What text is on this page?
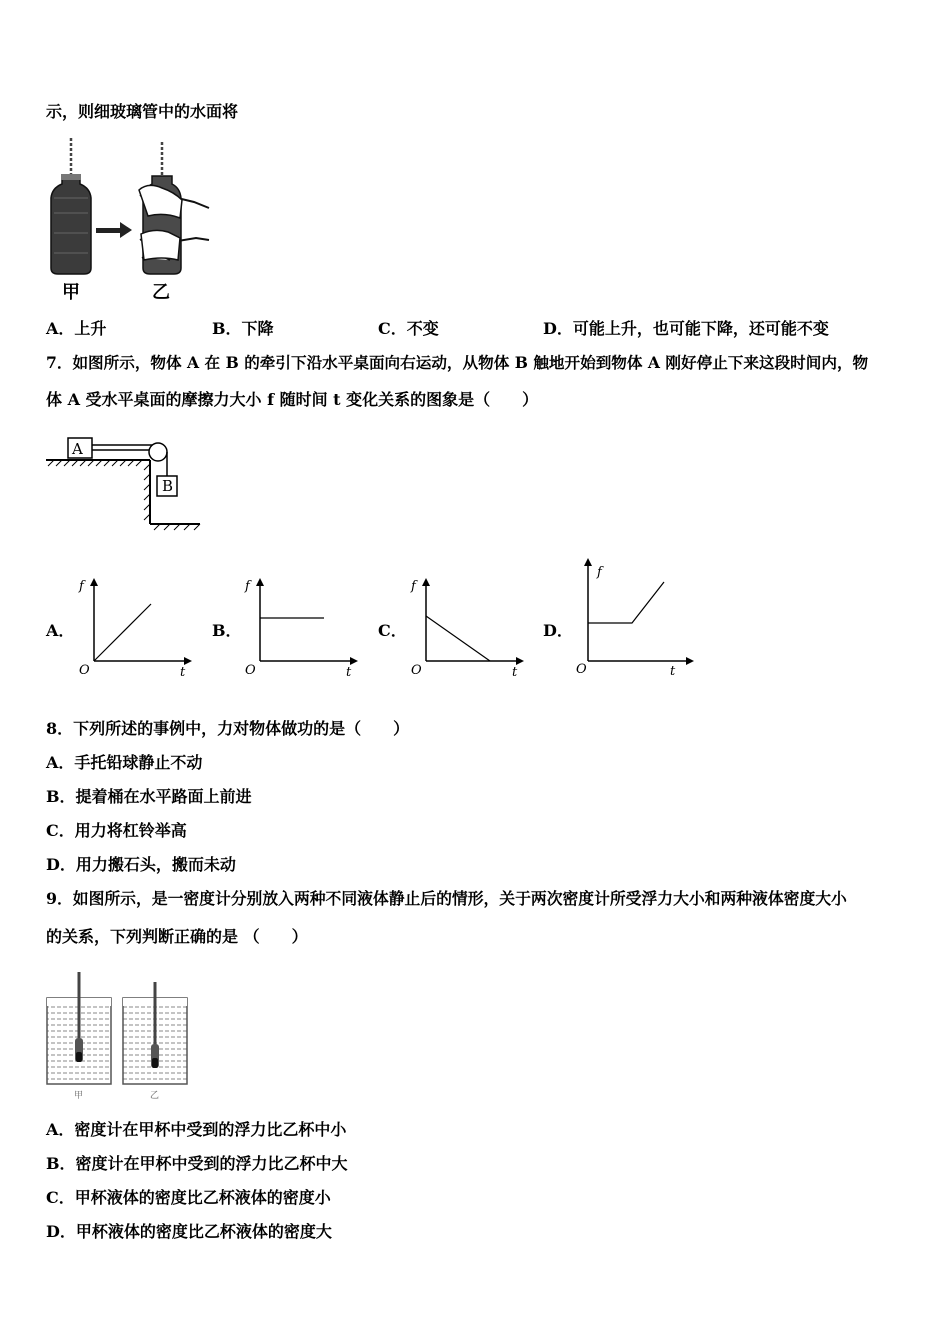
示，则细玻璃管中的水面将
甲	乙
A．上升	B．下降	C．不变	D．可能上升，也可能下降，还可能不变
7．如图所示，物体 A 在 B 的牵引下沿水平桌面向右运动，从物体 B 触地开始到物体 A 刚好停止下来这段时间内，物
体 A 受水平桌面的摩擦力大小 f 随时间 t 变化关系的图象是（　　）
A
B
A．	B．	C．	D．
f
O	t
f
O	t
f
O	t
f
O	t
8．下列所述的事例中，力对物体做功的是（　　）
A．手托铅球静止不动
B．提着桶在水平路面上前进
C．用力将杠铃举高
D．用力搬石头，搬而未动
9．如图所示，是一密度计分别放入两种不同液体静止后的情形，关于两次密度计所受浮力大小和两种液体密度大小
的关系，下列判断正确的是 （　　）
甲	乙
A．密度计在甲杯中受到的浮力比乙杯中小
B．密度计在甲杯中受到的浮力比乙杯中大
C．甲杯液体的密度比乙杯液体的密度小
D．甲杯液体的密度比乙杯液体的密度大
